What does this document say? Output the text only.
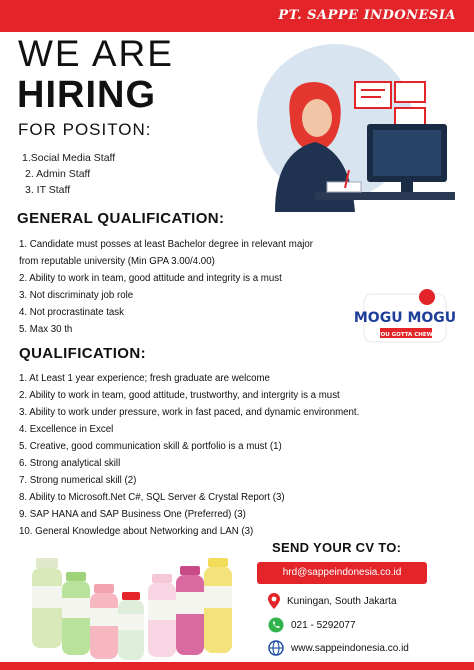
PT. SAPPE INDONESIA
WE ARE
HIRING
FOR POSITON:
1.Social Media Staff
2. Admin Staff
3. IT Staff
GENERAL QUALIFICATION:
1. Candidate must posses at least Bachelor degree in relevant major
from reputable university (Min GPA 3.00/4.00)
2. Ability to work in team, good attitude and integrity is a must
3. Not discriminaty job role
4. Not procrastinate task
5. Max 30 th
MOGU MOGU
YOU GOTTA CHEW!
QUALIFICATION:
1. At Least 1 year experience; fresh graduate are welcome
2. Ability to work in team, good attitude, trustworthy, and intergrity is a must
3. Ability to work under pressure, work in fast paced, and dynamic environment.
4. Excellence in Excel
5. Creative, good communication skill & portfolio is a must (1)
6. Strong analytical skill
7. Strong numerical skill (2)
8. Ability to Microsoft.Net C#, SQL Server & Crystal Report (3)
9. SAP HANA and SAP Business One (Preferred) (3)
10. General Knowledge about Networking and LAN (3)
SEND YOUR CV TO:
hrd@sappeindonesia.co.id
Kuningan, South Jakarta
021 - 5292077
www.sappeindonesia.co.id
